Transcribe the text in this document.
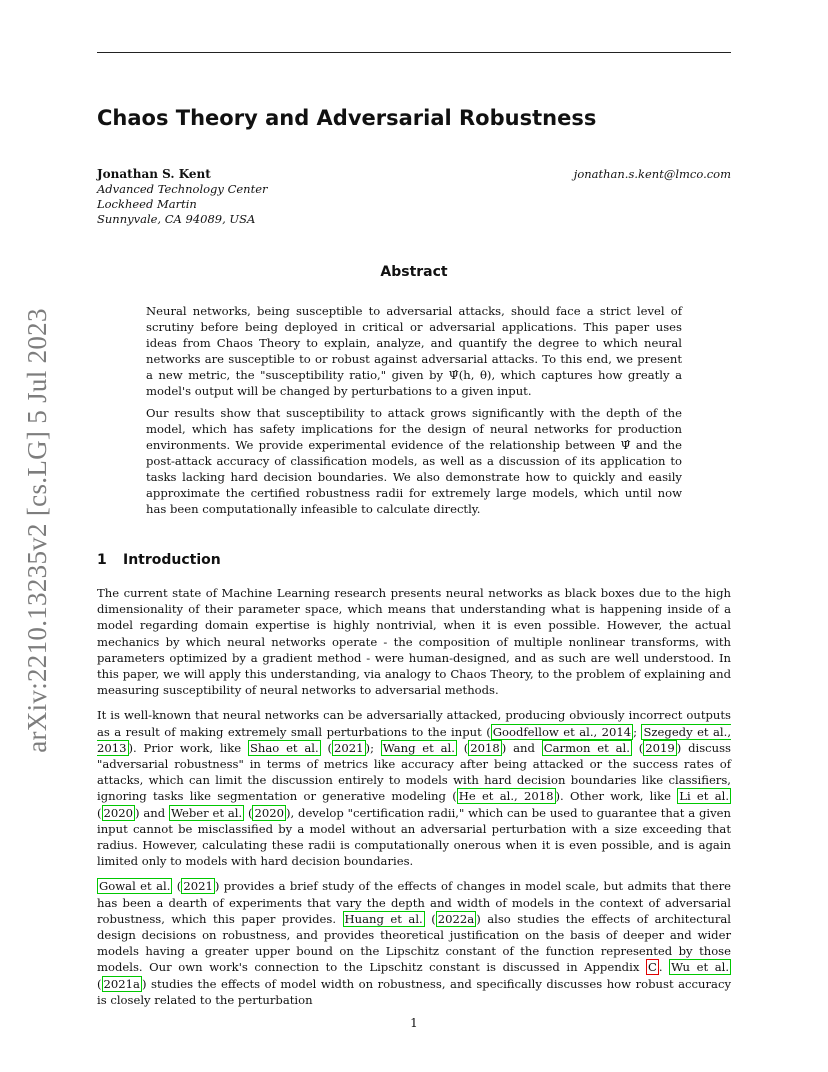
arXiv:2210.13235v2 [cs.LG] 5 Jul 2023
Chaos Theory and Adversarial Robustness
Jonathan S. Kent
Advanced Technology Center
Lockheed Martin
Sunnyvale, CA 94089, USA
jonathan.s.kent@lmco.com
Abstract

Neural networks, being susceptible to adversarial attacks, should face a strict level of scrutiny before being deployed in critical or adversarial applications. This paper uses ideas from Chaos Theory to explain, analyze, and quantify the degree to which neural networks are susceptible to or robust against adversarial attacks. To this end, we present a new metric, the "susceptibility ratio," given by Ψ̂(h, θ), which captures how greatly a model's output will be changed by perturbations to a given input.

Our results show that susceptibility to attack grows significantly with the depth of the model, which has safety implications for the design of neural networks for production environments. We provide experimental evidence of the relationship between Ψ̂ and the post-attack accuracy of classification models, as well as a discussion of its application to tasks lacking hard decision boundaries. We also demonstrate how to quickly and easily approximate the certified robustness radii for extremely large models, which until now has been computationally infeasible to calculate directly.

1 Introduction

The current state of Machine Learning research presents neural networks as black boxes due to the high dimensionality of their parameter space, which means that understanding what is happening inside of a model regarding domain expertise is highly nontrivial, when it is even possible. However, the actual mechanics by which neural networks operate - the composition of multiple nonlinear transforms, with parameters optimized by a gradient method - were human-designed, and as such are well understood. In this paper, we will apply this understanding, via analogy to Chaos Theory, to the problem of explaining and measuring susceptibility of neural networks to adversarial methods.

It is well-known that neural networks can be adversarially attacked, producing obviously incorrect outputs as a result of making extremely small perturbations to the input ( Goodfellow et al., 2014 ; Szegedy et al., 2013 ). Prior work, like Shao et al. ( 2021 ); Wang et al. ( 2018 ) and Carmon et al. ( 2019 ) discuss "adversarial robustness" in terms of metrics like accuracy after being attacked or the success rates of attacks, which can limit the discussion entirely to models with hard decision boundaries like classifiers, ignoring tasks like segmentation or generative modeling ( He et al., 2018 ). Other work, like Li et al. ( 2020 ) and Weber et al. ( 2020 ), develop "certification radii," which can be used to guarantee that a given input cannot be misclassified by a model without an adversarial perturbation with a size exceeding that radius. However, calculating these radii is computationally onerous when it is even possible, and is again limited only to models with hard decision boundaries.

Gowal et al. ( 2021 ) provides a brief study of the effects of changes in model scale, but admits that there has been a dearth of experiments that vary the depth and width of models in the context of adversarial robustness, which this paper provides. Huang et al. ( 2022a ) also studies the effects of architectural design decisions on robustness, and provides theoretical justification on the basis of deeper and wider models having a greater upper bound on the Lipschitz constant of the function represented by those models. Our own work's connection to the Lipschitz constant is discussed in Appendix C . Wu et al. ( 2021a ) studies the effects of model width on robustness, and specifically discusses how robust accuracy is closely related to the perturbation

1
